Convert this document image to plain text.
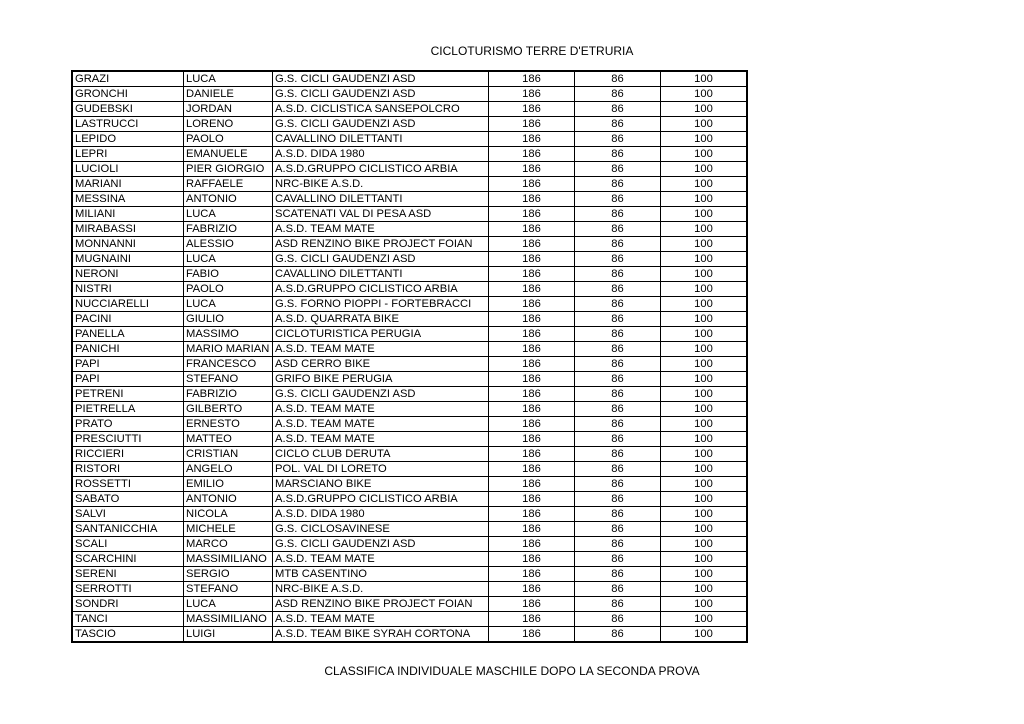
CICLOTURISMO TERRE D'ETRURIA
GRAZI	LUCA	G.S. CICLI GAUDENZI ASD	186	86	100
GRONCHI	DANIELE	G.S. CICLI GAUDENZI ASD	186	86	100
GUDEBSKI	JORDAN	A.S.D. CICLISTICA SANSEPOLCRO	186	86	100
LASTRUCCI	LORENO	G.S. CICLI GAUDENZI ASD	186	86	100
LEPIDO	PAOLO	CAVALLINO DILETTANTI	186	86	100
LEPRI	EMANUELE	A.S.D. DIDA 1980	186	86	100
LUCIOLI	PIER GIORGIO	A.S.D.GRUPPO CICLISTICO ARBIA	186	86	100
MARIANI	RAFFAELE	NRC-BIKE A.S.D.	186	86	100
MESSINA	ANTONIO	CAVALLINO DILETTANTI	186	86	100
MILIANI	LUCA	SCATENATI VAL DI PESA ASD	186	86	100
MIRABASSI	FABRIZIO	A.S.D. TEAM MATE	186	86	100
MONNANNI	ALESSIO	ASD RENZINO BIKE PROJECT FOIAN	186	86	100
MUGNAINI	LUCA	G.S. CICLI GAUDENZI ASD	186	86	100
NERONI	FABIO	CAVALLINO DILETTANTI	186	86	100
NISTRI	PAOLO	A.S.D.GRUPPO CICLISTICO ARBIA	186	86	100
NUCCIARELLI	LUCA	G.S. FORNO PIOPPI - FORTEBRACCI	186	86	100
PACINI	GIULIO	A.S.D. QUARRATA BIKE	186	86	100
PANELLA	MASSIMO	CICLOTURISTICA PERUGIA	186	86	100
PANICHI	MARIO MARIAN	A.S.D. TEAM MATE	186	86	100
PAPI	FRANCESCO	ASD CERRO BIKE	186	86	100
PAPI	STEFANO	GRIFO BIKE PERUGIA	186	86	100
PETRENI	FABRIZIO	G.S. CICLI GAUDENZI ASD	186	86	100
PIETRELLA	GILBERTO	A.S.D. TEAM MATE	186	86	100
PRATO	ERNESTO	A.S.D. TEAM MATE	186	86	100
PRESCIUTTI	MATTEO	A.S.D. TEAM MATE	186	86	100
RICCIERI	CRISTIAN	CICLO CLUB DERUTA	186	86	100
RISTORI	ANGELO	POL. VAL DI LORETO	186	86	100
ROSSETTI	EMILIO	MARSCIANO BIKE	186	86	100
SABATO	ANTONIO	A.S.D.GRUPPO CICLISTICO ARBIA	186	86	100
SALVI	NICOLA	A.S.D. DIDA 1980	186	86	100
SANTANICCHIA	MICHELE	G.S. CICLOSAVINESE	186	86	100
SCALI	MARCO	G.S. CICLI GAUDENZI ASD	186	86	100
SCARCHINI	MASSIMILIANO	A.S.D. TEAM MATE	186	86	100
SERENI	SERGIO	MTB CASENTINO	186	86	100
SERROTTI	STEFANO	NRC-BIKE A.S.D.	186	86	100
SONDRI	LUCA	ASD RENZINO BIKE PROJECT FOIAN	186	86	100
TANCI	MASSIMILIANO	A.S.D. TEAM MATE	186	86	100
TASCIO	LUIGI	A.S.D. TEAM BIKE SYRAH CORTONA	186	86	100
CLASSIFICA INDIVIDUALE MASCHILE DOPO LA SECONDA PROVA
